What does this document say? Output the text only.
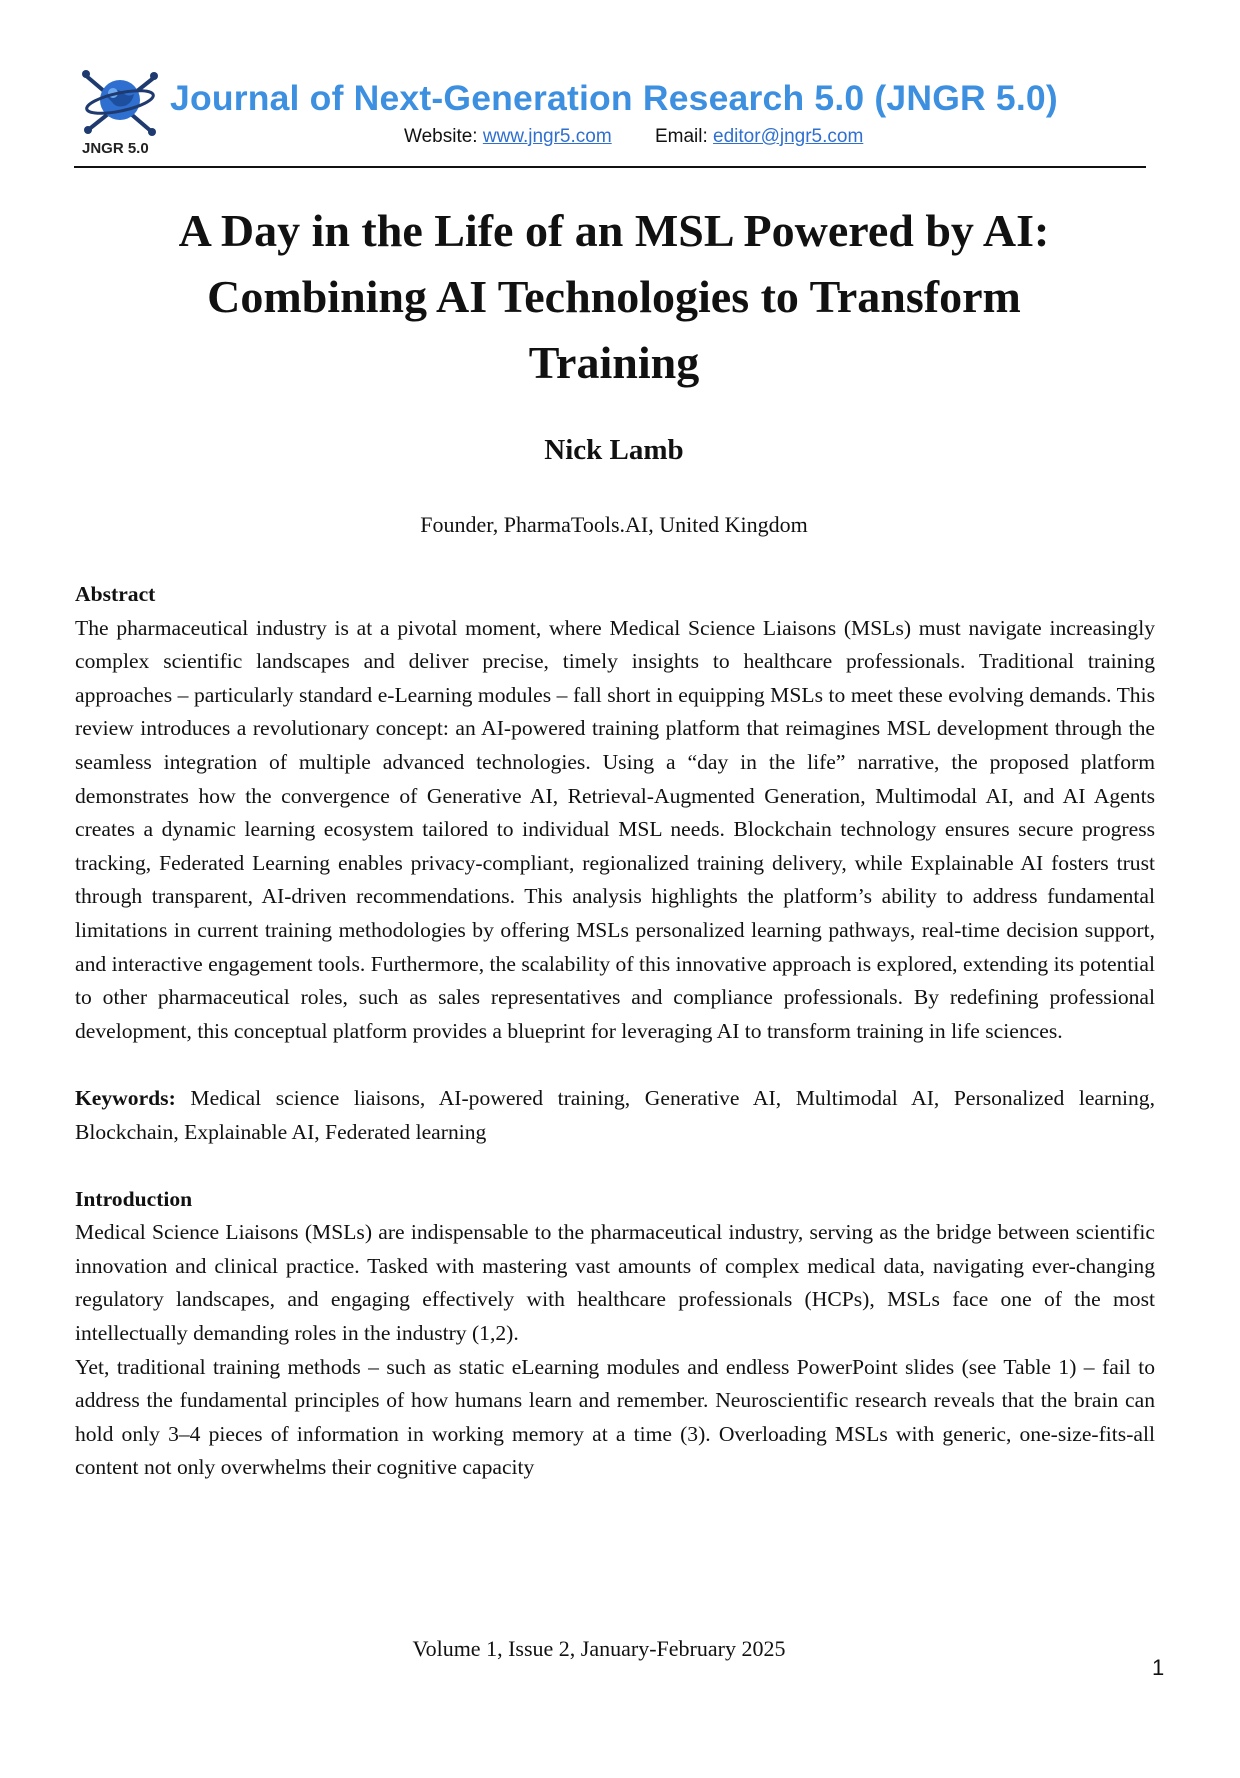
JNGR 5.0
Journal of Next-Generation Research 5.0 (JNGR 5.0)
Website: www.jngr5.com Email: editor@jngr5.com
A Day in the Life of an MSL Powered by AI:
Combining AI Technologies to Transform
Training
Nick Lamb
Founder, PharmaTools.AI, United Kingdom
Abstract

The pharmaceutical industry is at a pivotal moment, where Medical Science Liaisons (MSLs) must navigate increasingly complex scientific landscapes and deliver precise, timely insights to healthcare professionals. Traditional training approaches – particularly standard e-Learning modules – fall short in equipping MSLs to meet these evolving demands. This review introduces a revolutionary concept: an AI-powered training platform that reimagines MSL development through the seamless integration of multiple advanced technologies. Using a “day in the life” narrative, the proposed platform demonstrates how the convergence of Generative AI, Retrieval-Augmented Generation, Multimodal AI, and AI Agents creates a dynamic learning ecosystem tailored to individual MSL needs. Blockchain technology ensures secure progress tracking, Federated Learning enables privacy-compliant, regionalized training delivery, while Explainable AI fosters trust through transparent, AI-driven recommendations. This analysis highlights the platform’s ability to address fundamental limitations in current training methodologies by offering MSLs personalized learning pathways, real-time decision support, and interactive engagement tools. Furthermore, the scalability of this innovative approach is explored, extending its potential to other pharmaceutical roles, such as sales representatives and compliance professionals. By redefining professional development, this conceptual platform provides a blueprint for leveraging AI to transform training in life sciences.

Keywords: Medical science liaisons, AI-powered training, Generative AI, Multimodal AI, Personalized learning, Blockchain, Explainable AI, Federated learning

Introduction

Medical Science Liaisons (MSLs) are indispensable to the pharmaceutical industry, serving as the bridge between scientific innovation and clinical practice. Tasked with mastering vast amounts of complex medical data, navigating ever-changing regulatory landscapes, and engaging effectively with healthcare professionals (HCPs), MSLs face one of the most intellectually demanding roles in the industry (1,2).

Yet, traditional training methods – such as static eLearning modules and endless PowerPoint slides (see Table 1) – fail to address the fundamental principles of how humans learn and remember. Neuroscientific research reveals that the brain can hold only 3–4 pieces of information in working memory at a time (3). Overloading MSLs with generic, one-size-fits-all content not only overwhelms their cognitive capacity

Volume 1, Issue 2, January-February 2025
1
